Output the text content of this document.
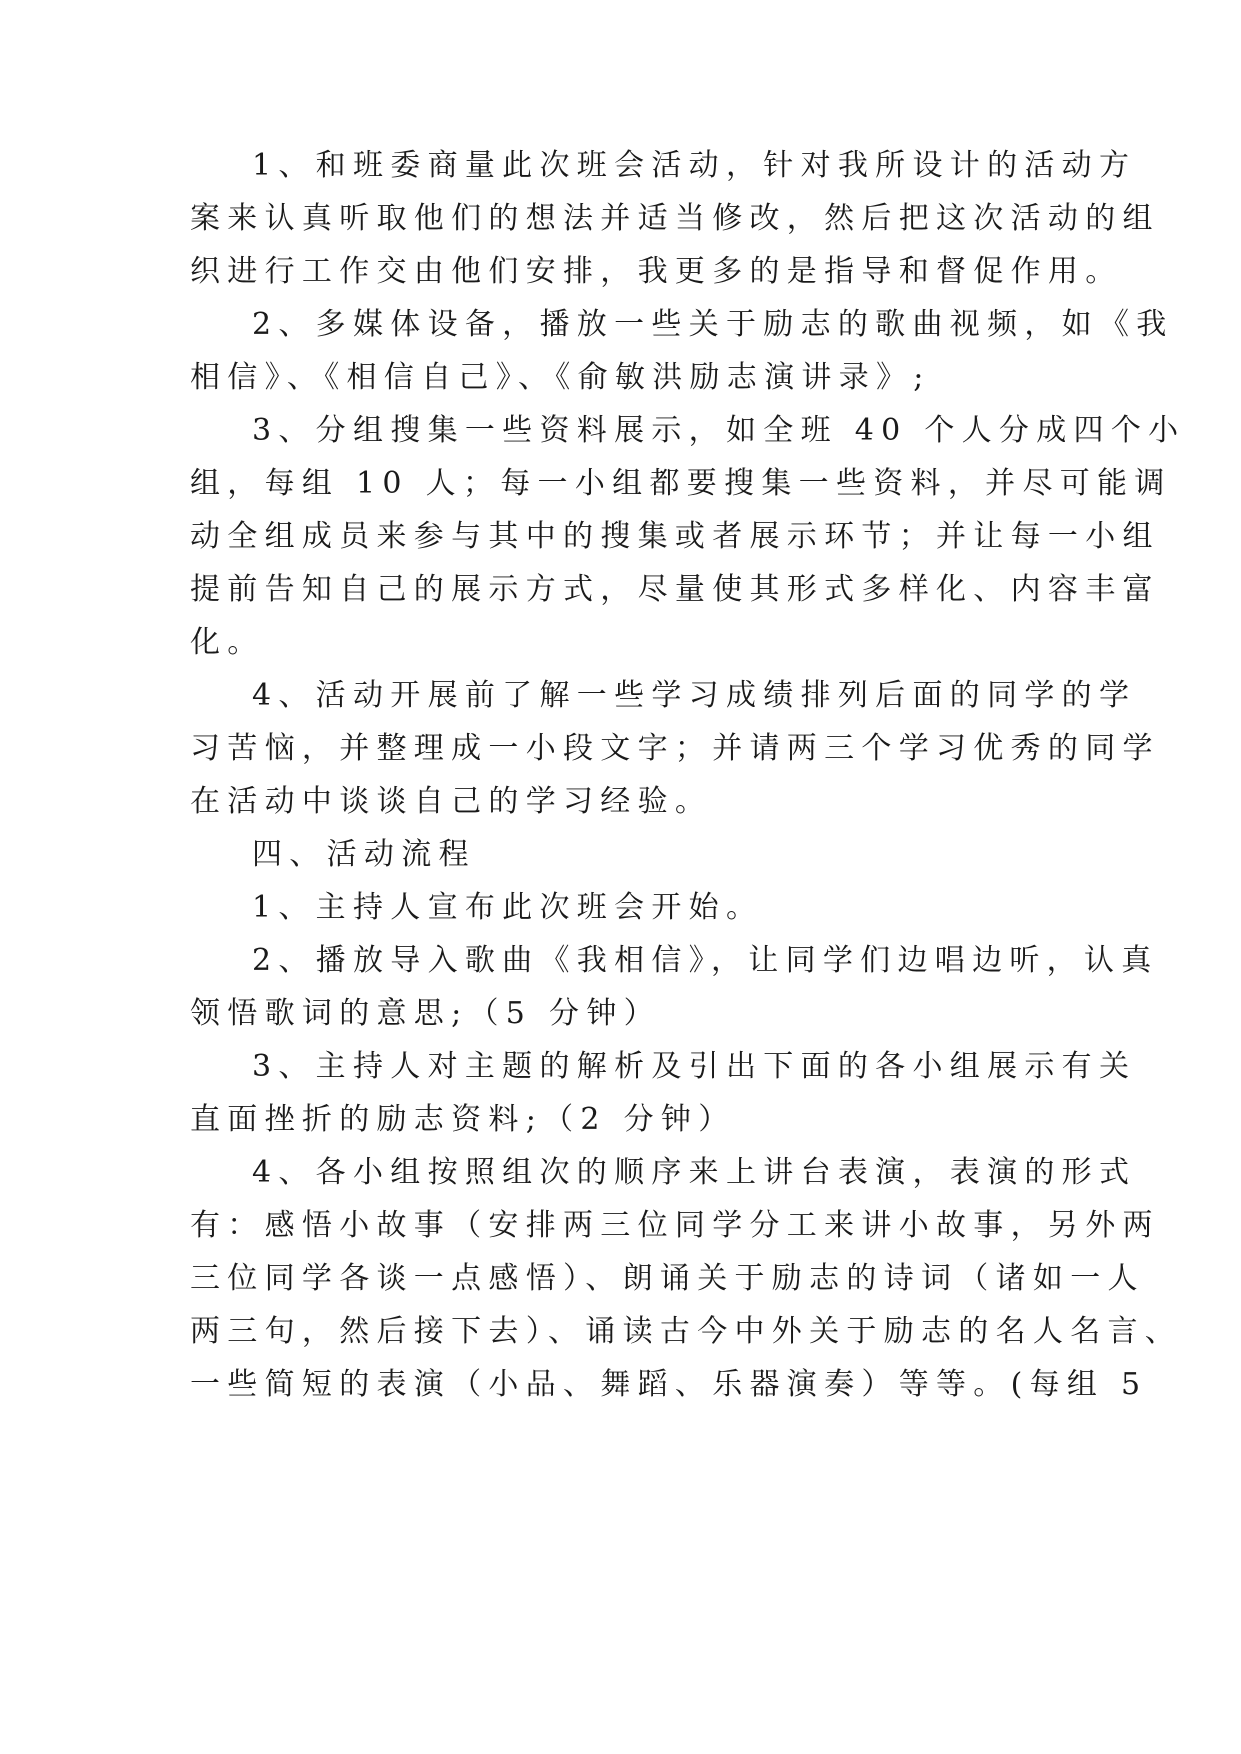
1、和班委商量此次班会活动，针对我所设计的活动方

案来认真听取他们的想法并适当修改，然后把这次活动的组

织进行工作交由他们安排，我更多的是指导和督促作用。

2、多媒体设备，播放一些关于励志的歌曲视频，如《我

相信》、《相信自己》、《俞敏洪励志演讲录》;

3、分组搜集一些资料展示，如全班 40 个人分成四个小

组，每组 10 人；每一小组都要搜集一些资料，并尽可能调

动全组成员来参与其中的搜集或者展示环节；并让每一小组

提前告知自己的展示方式，尽量使其形式多样化、内容丰富

化。

4、活动开展前了解一些学习成绩排列后面的同学的学

习苦恼，并整理成一小段文字；并请两三个学习优秀的同学

在活动中谈谈自己的学习经验。

四、活动流程

1、主持人宣布此次班会开始。

2、播放导入歌曲《我相信》，让同学们边唱边听，认真

领悟歌词的意思;（5 分钟）

3、主持人对主题的解析及引出下面的各小组展示有关

直面挫折的励志资料;（2 分钟）

4、各小组按照组次的顺序来上讲台表演，表演的形式

有：感悟小故事（安排两三位同学分工来讲小故事，另外两

三位同学各谈一点感悟）、朗诵关于励志的诗词（诸如一人

两三句，然后接下去）、诵读古今中外关于励志的名人名言、

一些简短的表演（小品、舞蹈、乐器演奏）等等。(每组 5
